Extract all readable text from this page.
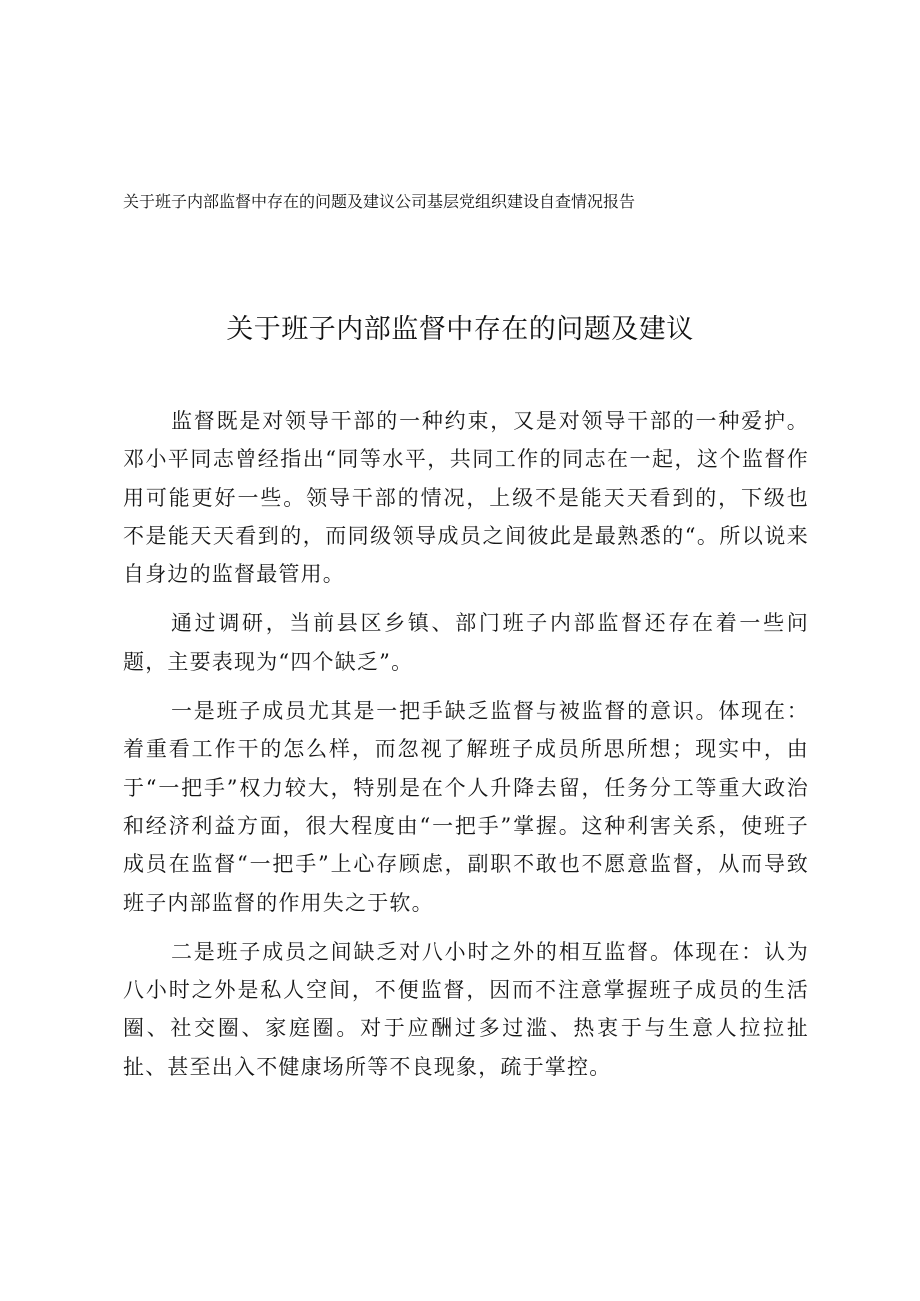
关于班子内部监督中存在的问题及建议公司基层党组织建设自查情况报告
关于班子内部监督中存在的问题及建议

监督既是对领导干部的一种约束，又是对领导干部的一种爱护。邓小平同志曾经指出“同等水平，共同工作的同志在一起，这个监督作用可能更好一些。领导干部的情况，上级不是能天天看到的，下级也不是能天天看到的，而同级领导成员之间彼此是最熟悉的“。所以说来自身边的监督最管用。

通过调研，当前县区乡镇、部门班子内部监督还存在着一些问题，主要表现为“四个缺乏”。

一是班子成员尤其是一把手缺乏监督与被监督的意识。体现在：着重看工作干的怎么样，而忽视了解班子成员所思所想；现实中，由于“一把手”权力较大，特别是在个人升降去留，任务分工等重大政治和经济利益方面，很大程度由“一把手”掌握。这种利害关系，使班子成员在监督“一把手”上心存顾虑，副职不敢也不愿意监督，从而导致班子内部监督的作用失之于软。

二是班子成员之间缺乏对八小时之外的相互监督。体现在：认为八小时之外是私人空间，不便监督，因而不注意掌握班子成员的生活圈、社交圈、家庭圈。对于应酬过多过滥、热衷于与生意人拉拉扯扯、甚至出入不健康场所等不良现象，疏于掌控。
